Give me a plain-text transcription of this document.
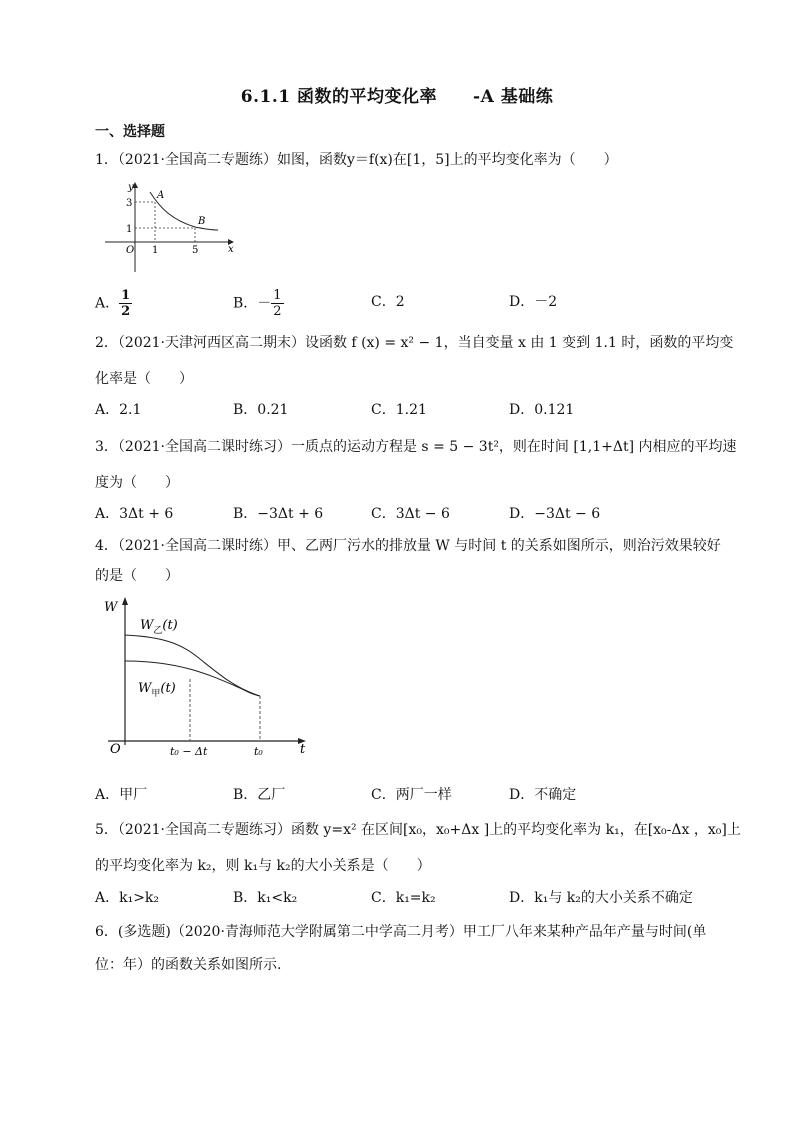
6.1.1 函数的平均变化率 -A 基础练
一、选择题
1．（2021·全国高二专题练）如图，函数y＝f(x)在[1，5]上的平均变化率为（　　）
y
x
3
1
O 1	5
A
B
A． $\frac{1}{2}$	B．－ $\frac{1}{2}$	C．2	D．－2
2．（2021·天津河西区高二期末）设函数 f (x) = x² − 1，当自变量 x 由 1 变到 1.1 时，函数的平均变
化率是（　　）
A．2.1	B．0.21	C．1.21	D．0.121
3．（2021·全国高二课时练习）一质点的运动方程是 s = 5 − 3t²，则在时间 [1,1+Δt] 内相应的平均速
度为（　　）
A．3Δt + 6	B．−3Δt + 6	C．3Δt − 6	D．−3Δt − 6
4．（2021·全国高二课时练）甲、乙两厂污水的排放量 W 与时间 t 的关系如图所示，则治污效果较好
的是（　　）
W
t
O
$W_乙(t)$
$W_甲(t)$
t₀ − Δt	t₀
A．甲厂	B．乙厂	C．两厂一样	D．不确定
5．（2021·全国高二专题练习）函数 y=x² 在区间[x₀，x₀+Δx ]上的平均变化率为 k₁，在[x₀-Δx ，x₀]上
的平均变化率为 k₂，则 k₁与 k₂的大小关系是（　　）
A．k₁>k₂	B．k₁<k₂	C．k₁=k₂	D．k₁与 k₂的大小关系不确定
6．(多选题)（2020·青海师范大学附属第二中学高二月考）甲工厂八年来某种产品年产量与时间(单
位：年）的函数关系如图所示.
